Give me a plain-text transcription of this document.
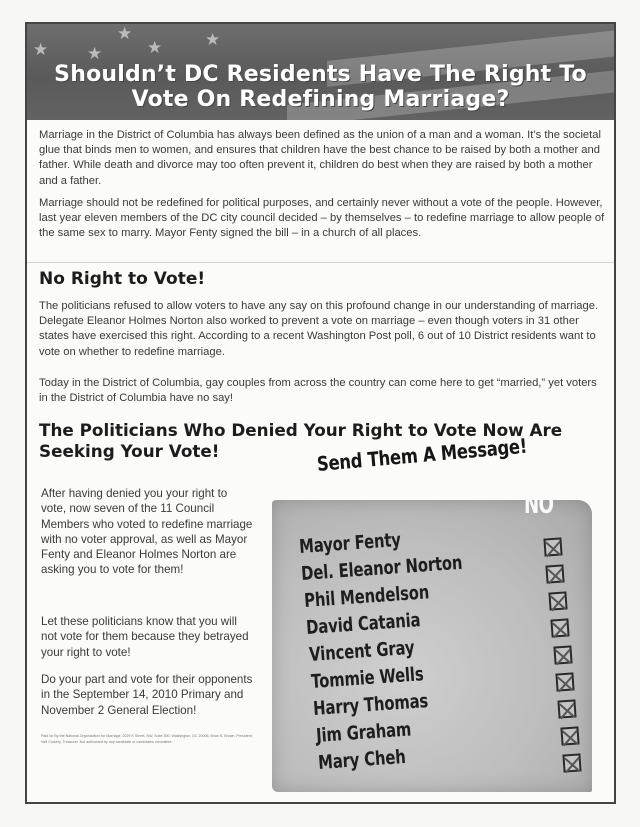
★ ★	★	★
★
Shouldn’t DC Residents Have The Right To Vote On Redefining Marriage?

Marriage in the District of Columbia has always been defined as the union of a man and a woman. It’s the societal glue that binds men to women, and ensures that children have the best chance to be raised by both a mother and father. While death and divorce may too often prevent it, children do best when they are raised by both a mother and a father.

Marriage should not be redefined for political purposes, and certainly never without a vote of the people. However, last year eleven members of the DC city council decided – by themselves – to redefine marriage to allow people of the same sex to marry. Mayor Fenty signed the bill – in a church of all places.

No Right to Vote!

The politicians refused to allow voters to have any say on this profound change in our understanding of marriage. Delegate Eleanor Holmes Norton also worked to prevent a vote on marriage – even though voters in 31 other states have exercised this right. According to a recent Washington Post poll, 6 out of 10 District residents want to vote on whether to redefine marriage.

Today in the District of Columbia, gay couples from across the country can come here to get “married,” yet voters in the District of Columbia have no say!

The Politicians Who Denied Your Right to Vote Now Are Seeking Your Vote!

After having denied you your right to vote, now seven of the 11 Council Members who voted to redefine marriage with no voter approval, as well as Mayor Fenty and Eleanor Holmes Norton are asking you to vote for them!

Let these politicians know that you will not vote for them because they betrayed your right to vote!

Do your part and vote for their opponents in the September 14, 2010 Primary and November 2 General Election!

Paid for By the National Organization for Marriage, 2029 K Street, NW, Suite 300, Washington, DC 20006, Brian S. Brown, President; Neil Corkery, Treasurer. Not authorized by any candidate or candidates committee.

Send Them A Message!
NO
Mayor Fenty
Del. Eleanor Norton
Phil Mendelson
David Catania
Vincent Gray
Tommie Wells
Harry Thomas
Jim Graham
Mary Cheh
